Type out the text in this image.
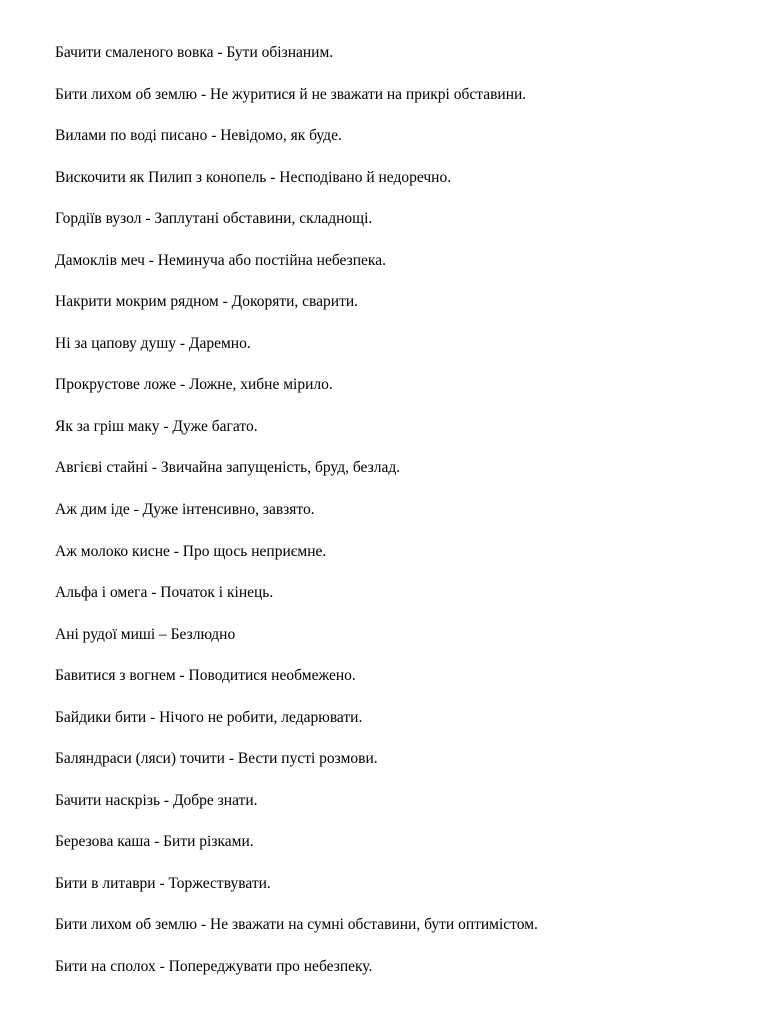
Бачити смаленого вовка - Бути обізнаним.
Бити лихом об землю - Не журитися й не зважати на прикрі обставини.
Вилами по воді писано - Невідомо, як буде.
Вискочити як Пилип з конопель - Несподівано й недоречно.
Гордіїв вузол - Заплутані обставини, складнощі.
Дамоклів меч - Неминуча або постійна небезпека.
Накрити мокрим рядном - Докоряти, сварити.
Ні за цапову душу - Даремно.
Прокрустове ложе - Ложне, хибне мірило.
Як за гріш маку - Дуже багато.
Авгієві стайні - Звичайна запущеність, бруд, безлад.
Аж дим іде - Дуже інтенсивно, завзято.
Аж молоко кисне - Про щось неприємне.
Альфа і омега - Початок і кінець.
Ані рудої миші – Безлюдно
Бавитися з вогнем - Поводитися необмежено.
Байдики бити - Нічого не робити, ледарювати.
Баляндраси (ляси) точити - Вести пусті розмови.
Бачити наскрізь - Добре знати.
Березова каша - Бити різками.
Бити в литаври - Торжествувати.
Бити лихом об землю - Не зважати на сумні обставини, бути оптимістом.
Бити на сполох - Попереджувати про небезпеку.
